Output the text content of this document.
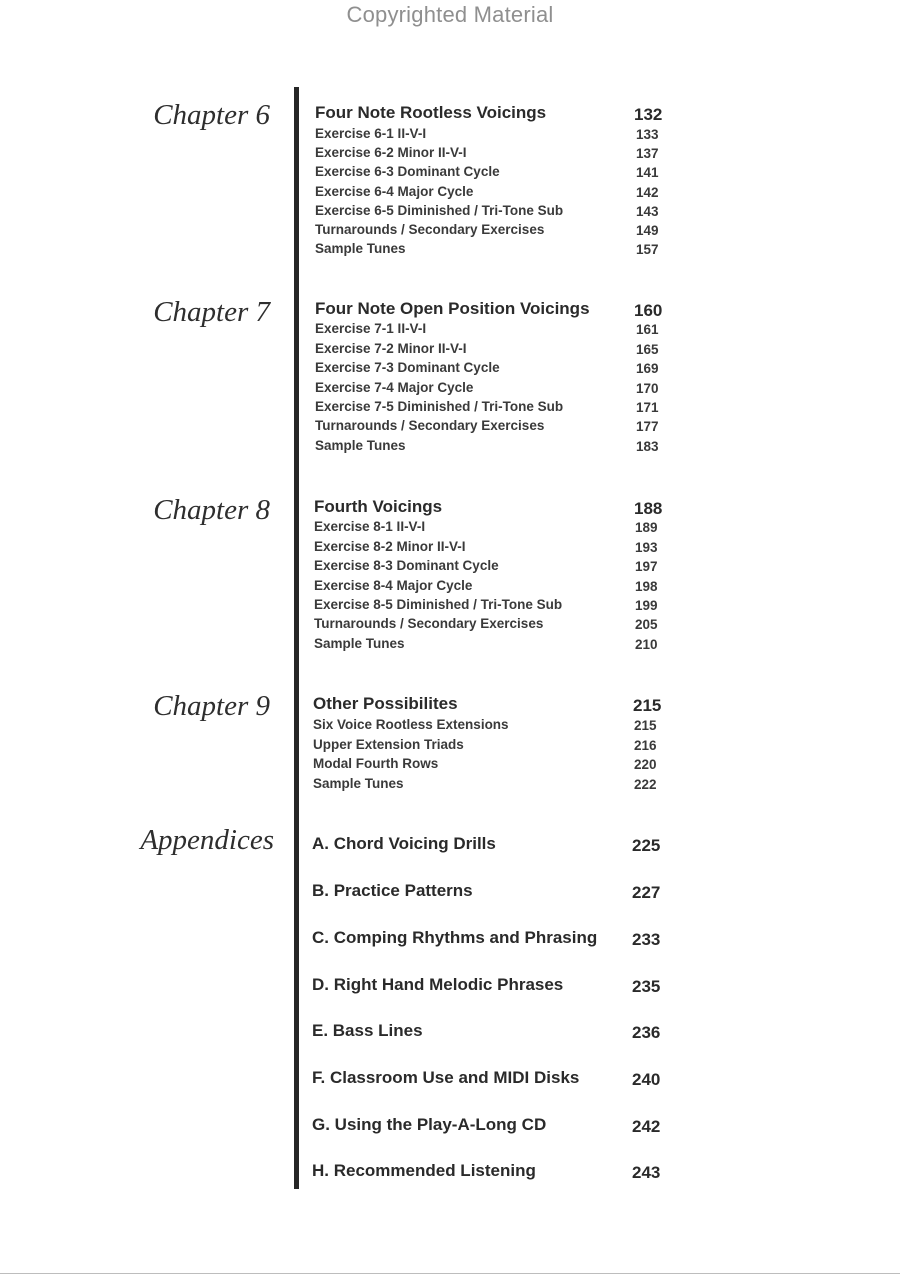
Copyrighted Material
Chapter 6	Four Note Rootless Voicings	132
Exercise 6-1 II-V-I	133
Exercise 6-2 Minor II-V-I	137
Exercise 6-3 Dominant Cycle	141
Exercise 6-4 Major Cycle	142
Exercise 6-5 Diminished / Tri-Tone Sub	143
Turnarounds / Secondary Exercises	149
Sample Tunes	157
Chapter 7	Four Note Open Position Voicings	160
Exercise 7-1 II-V-I	161
Exercise 7-2 Minor II-V-I	165
Exercise 7-3 Dominant Cycle	169
Exercise 7-4 Major Cycle	170
Exercise 7-5 Diminished / Tri-Tone Sub	171
Turnarounds / Secondary Exercises	177
Sample Tunes	183
Chapter 8	Fourth Voicings	188
Exercise 8-1 II-V-I	189
Exercise 8-2 Minor II-V-I	193
Exercise 8-3 Dominant Cycle	197
Exercise 8-4 Major Cycle	198
Exercise 8-5 Diminished / Tri-Tone Sub	199
Turnarounds / Secondary Exercises	205
Sample Tunes	210
Chapter 9	Other Possibilites	215
Six Voice Rootless Extensions	215
Upper Extension Triads	216
Modal Fourth Rows	220
Sample Tunes	222
Appendices A. Chord Voicing Drills	225
B. Practice Patterns	227
C. Comping Rhythms and Phrasing 233
D. Right Hand Melodic Phrases	235
E. Bass Lines	236
F. Classroom Use and MIDI Disks	240
G. Using the Play-A-Long CD	242
H. Recommended Listening	243
